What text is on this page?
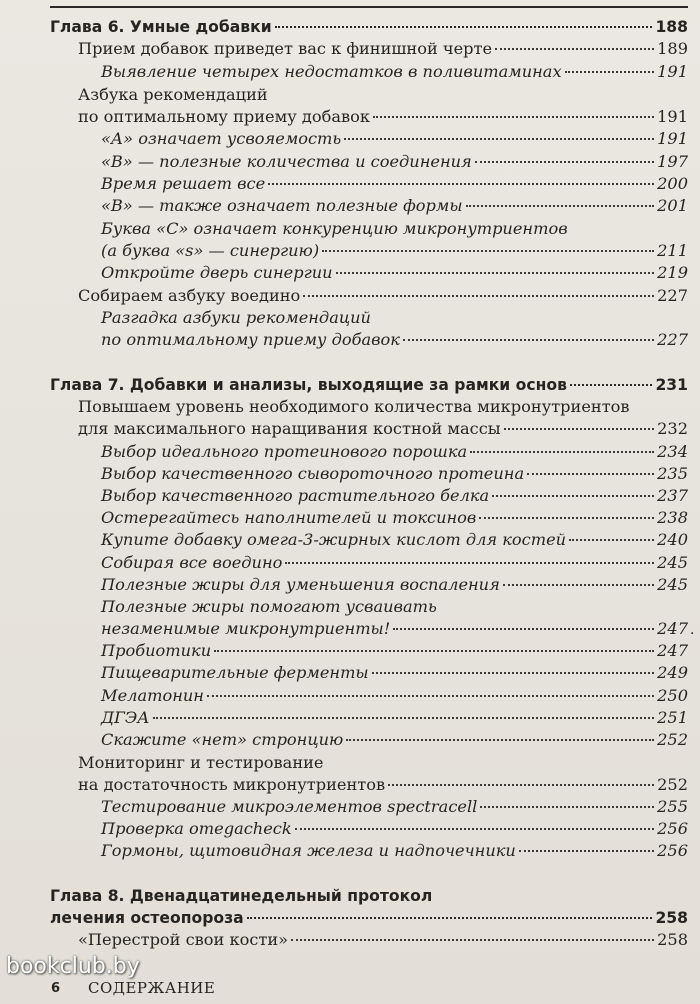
Глава 6. Умные добавки	188
Прием добавок приведет вас к финишной черте	189
Выявление четырех недостатков в поливитаминах	191
Азбука рекомендаций
по оптимальному приему добавок	191
«А» означает усвояемость	191
«В» — полезные количества и соединения	197
Время решает все	200
«В» — также означает полезные формы	201
Буква «С» означает конкуренцию микронутриентов
(а буква «s» — синергию)	211
Откройте дверь синергии	219
Собираем азбуку воедино	227
Разгадка азбуки рекомендаций
по оптимальному приему добавок	227
Глава 7. Добавки и анализы, выходящие за рамки основ	231
Повышаем уровень необходимого количества микронутриентов
для максимального наращивания костной массы	232
Выбор идеального протеинового порошка	234
Выбор качественного сывороточного протеина	235
Выбор качественного растительного белка	237
Остерегайтесь наполнителей и токсинов	238
Купите добавку омега-3-жирных кислот для костей	240
Собирая все воедино	245
Полезные жиры для уменьшения воспаления	245
Полезные жиры помогают усваивать
незаменимые микронутриенты!	247
Пробиотики	247
Пищеварительные ферменты	249
Мелатонин	250
ДГЭА	251
Скажите «нет» стронцию	252
Мониторинг и тестирование
на достаточность микронутриентов	252
Тестирование микроэлементов spectracell	255
Проверка omegacheck	256
Гормоны, щитовидная железа и надпочечники	256
Глава 8. Двенадцатинедельный протокол
лечения остеопороза	258
«Перестрой свои кости»	258
·
bookclub.by
6 СОДЕРЖАНИЕ
